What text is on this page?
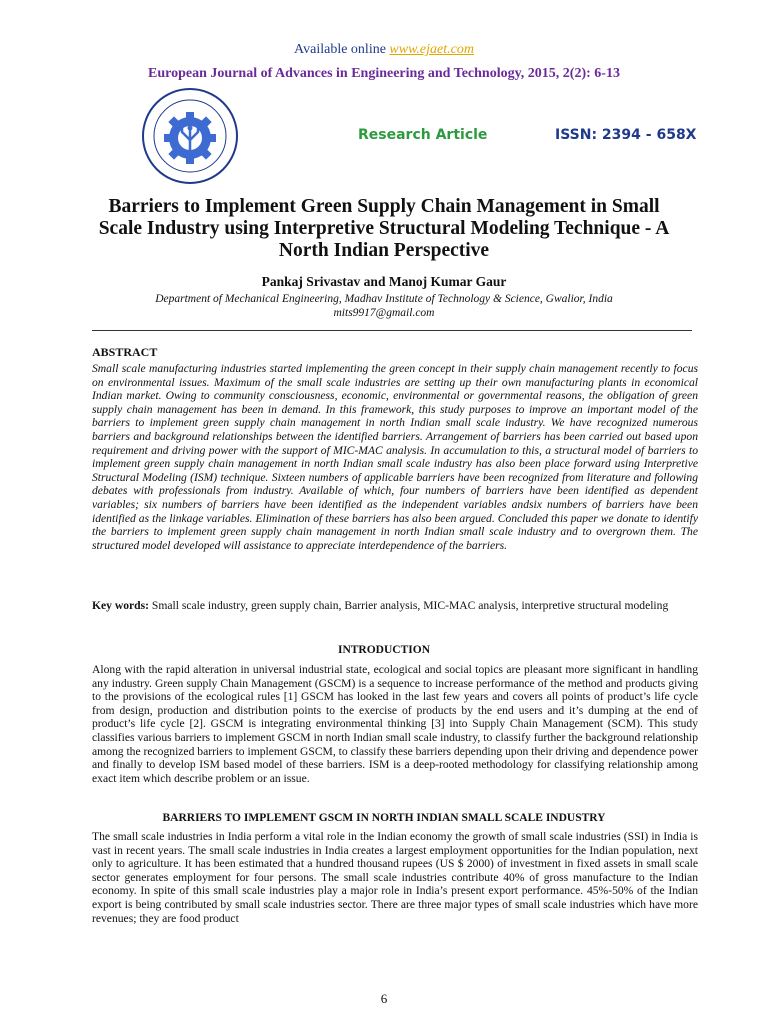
Available online www.ejaet.com
European Journal of Advances in Engineering and Technology, 2015, 2(2): 6-13
Research Article	ISSN: 2394 - 658X
Barriers to Implement Green Supply Chain Management in Small Scale Industry using Interpretive Structural Modeling Technique - A North Indian Perspective
Pankaj Srivastav and Manoj Kumar Gaur
Department of Mechanical Engineering, Madhav Institute of Technology & Science, Gwalior, India
mits9917@gmail.com
ABSTRACT
Small scale manufacturing industries started implementing the green concept in their supply chain management recently to focus on environmental issues. Maximum of the small scale industries are setting up their own manufacturing plants in economical Indian market. Owing to community consciousness, economic, environmental or governmental reasons, the obligation of green supply chain management has been in demand. In this framework, this study purposes to improve an important model of the barriers to implement green supply chain management in north Indian small scale industry. We have recognized numerous barriers and background relationships between the identified barriers. Arrangement of barriers has been carried out based upon requirement and driving power with the support of MIC-MAC analysis. In accumulation to this, a structural model of barriers to implement green supply chain management in north Indian small scale industry has also been place forward using Interpretive Structural Modeling (ISM) technique. Sixteen numbers of applicable barriers have been recognized from literature and following debates with professionals from industry. Available of which, four numbers of barriers have been identified as dependent variables; six numbers of barriers have been identified as the independent variables andsix numbers of barriers have been identified as the linkage variables. Elimination of these barriers has also been argued. Concluded this paper we donate to identify the barriers to implement green supply chain management in north Indian small scale industry and to overgrown them. The structured model developed will assistance to appreciate interdependence of the barriers.
Key words: Small scale industry, green supply chain, Barrier analysis, MIC-MAC analysis, interpretive structural modeling
INTRODUCTION
Along with the rapid alteration in universal industrial state, ecological and social topics are pleasant more significant in handling any industry. Green supply Chain Management (GSCM) is a sequence to increase performance of the method and products giving to the provisions of the ecological rules [1] GSCM has looked in the last few years and covers all points of product’s life cycle from design, production and distribution points to the exercise of products by the end users and it’s dumping at the end of product’s life cycle [2]. GSCM is integrating environmental thinking [3] into Supply Chain Management (SCM). This study classifies various barriers to implement GSCM in north Indian small scale industry, to classify further the background relationship among the recognized barriers to implement GSCM, to classify these barriers depending upon their driving and dependence power and finally to develop ISM based model of these barriers. ISM is a deep-rooted methodology for classifying relationship among exact item which describe problem or an issue.
BARRIERS TO IMPLEMENT GSCM IN NORTH INDIAN SMALL SCALE INDUSTRY
The small scale industries in India perform a vital role in the Indian economy the growth of small scale industries (SSI) in India is vast in recent years. The small scale industries in India creates a largest employment opportunities for the Indian population, next only to agriculture. It has been estimated that a hundred thousand rupees (US $ 2000) of investment in fixed assets in small scale sector generates employment for four persons. The small scale industries contribute 40% of gross manufacture to the Indian economy. In spite of this small scale industries play a major role in India’s present export performance. 45%-50% of the Indian export is being contributed by small scale industries sector. There are three major types of small scale industries which have more revenues; they are food product
6
